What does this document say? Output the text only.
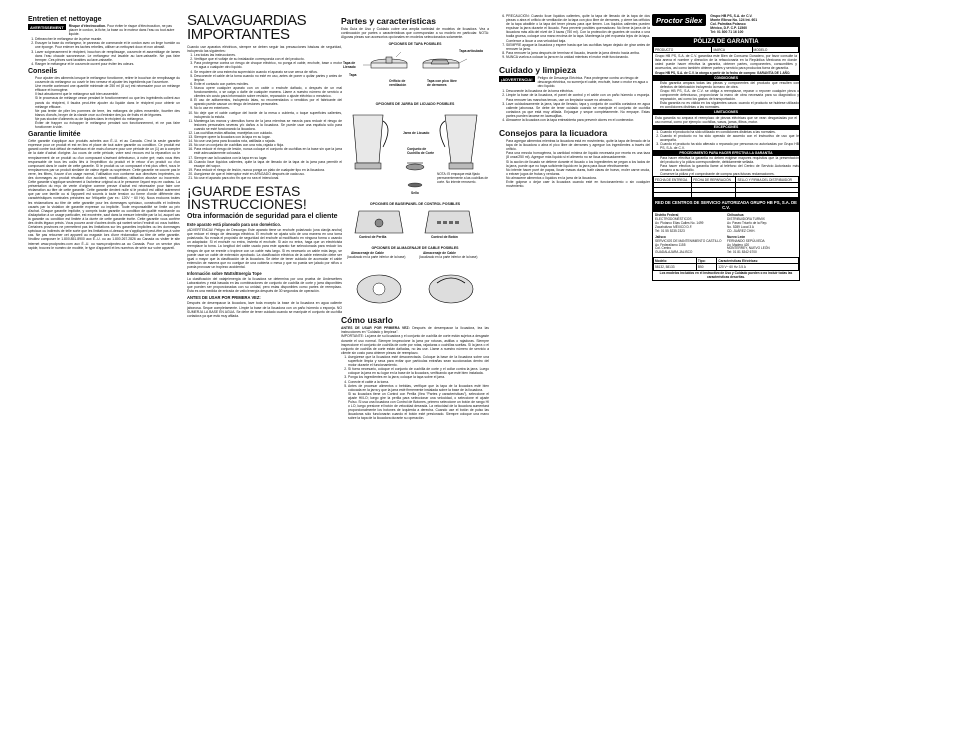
Entretien et nettoyage
AVERTISSEMENT	Risque d'électrocution. Pour éviter le risque d'électrocution, ne pas placer le cordon, la fiche, la base ou le moteur dans l'eau ou tout autre liquide.
1. Débrancher le mélangeur de la prise murale.
2. Essuyer la base du mélangeur, le panneau de commande et le cordon avec un linge humide ou une éponge. Pour enlever les taches rebelles, utiliser un nettoyant doux et non abrasif.
3. Laver soigneusement le récipient, bouchon de remplissage, couvercle et assemblage de lames dans l'eau chaude savonneuse. Le mélangeur est lavable au lave-vaisselle. Ne pas faire tremper. Ces pièces sont lavables au lave-vaisselle.
4. Ranger le mélangeur et le couvercle ouvert pour éviter les odeurs.
Conseils
• Pour ajouter des aliments lorsque le mélangeur fonctionne, retirer le bouchon de remplissage du couvercle du mélangeur ou ouvrir le bec verseur et ajouter les ingrédients par l'ouverture.
• Une recette contenant une quantité minimale de 250 ml (8 oz) est nécessaire pour un mélange efficace et homogène.
• Il faut absolument que le mélangeur soit bien assemblé.
• Si le processus de mélange cesse pendant le fonctionnement ou que les ingrédients collent aux parois du récipient, il faudra peut-être ajouter du liquide dans le récipient pour obtenir un mélange efficace.
• Ne pas tenter de piler les pommes de terre, les mélanges de pâtes ensemble, fouetter des blancs d'oeufs, broyer de la viande crue ou d'extraire des jus de fruits et de légumes.
• Ne pas stocker d'aliments ou de liquides dans le récipient du mélangeur.
• Éviter de frapper ou échapper le mélangeur pendant son fonctionnement, et ne pas faire fonctionner à vide.
Garantie limitée
Cette garantie s'applique aux produits achetés aux É.-U. et au Canada. C'est la seule garantie expresse pour ce produit et est en lieu et place de tout autre garantie ou condition. Ce produit est garanti contre tout défaut de matériaux et de main-d'oeuvre pour une période de un (1) an à compter de la date d'achat d'origine. Au cours de cette période, votre seul recours est la réparation ou le remplacement de ce produit ou d'un composant s'avérant défectueux, à notre gré; mais vous êtes responsable de tous les coûts liés à l'expédition du produit et le retour d'un produit ou d'un composant dans le cadre de cette garantie. Si le produit ou un composant n'est plus offert, nous le remplacerons par un produit similaire de valeur égale ou supérieure. Cette garantie ne couvre pas le verre, les filtres, l'usure d'un usage normal, l'utilisation non conforme aux directives imprimées, ou des dommages au produit résultant d'un accident, modification, utilisation abusive ou incorrecte. Cette garantie s'applique seulement à l'acheteur original ou à le personne l'ayant reçu en cadeau. La présentation du reçu de vente d'origine comme preuve d'achat est nécessaire pour faire une réclamation au titre de cette garantie. Cette garantie devient nulle si le produit est utilisé autrement que par une famille ou si l'appareil est soumis à toute tension ou forme d'onde différente des caractéristiques nominales précisées sur l'étiquette (par ex.: 120V ~ 60 Hz). Nous excluons toutes les réclamations au titre de cette garantie pour les dommages spéciaux, consécutifs et indirects causés par la violation de garantie expresse ou implicite. Toute responsabilité se limite au prix d'achat. Chaque garantie implicite, y compris toute garantie ou condition de qualité marchande ou d'adaptation à un usage particulier, est exonérée, sauf dans la mesure interdite par la loi, auquel cas la garantie ou condition est limitée à la durée de cette garantie écrite. Cette garantie vous confère des droits légaux précis. Vous pouvez avoir d'autres droits qui varient selon l'endroit où vous habitez. Certaines provinces ne permettent pas les limitations sur les garanties implicites ou les dommages spéciaux ou indirects de telle sorte que les limitations ci-dessus ne s'appliquent peut-être pas à votre cas. Ne pas retourner cet appareil au magasin lors d'une réclamation au titre de cette garantie. Veuillez composer le 1.800.851.8900 aux É.-U. ou au 1.800.267.2826 au Canada ou visiter le site internet www.prodprotec.com aux É.-U. ou www.prodprotec.ca au Canada. Pour un service plus rapide, trouvez le numéro de modèle, le type d'appareil et les numéros de série sur votre appareil.
SALVAGUARDIAS IMPORTANTES
Cuando use aparatos eléctricos, siempre se deben seguir las precauciones básicas de seguridad, incluyendo las siguientes:
1. Lea todas las instrucciones.
2. Verifique que el voltaje de su instalación corresponda con el del producto.
3. Para protegerse contra un riesgo de choque eléctrico, no ponga el cable, enchufe, base o motor en agua o cualquier otro líquido.
4. Se requiere de una estrecha supervisión cuando el aparato se use cerca de niños.
5. Desconecte el cable de la toma cuando no esté en uso, antes de poner o quitar partes y antes de limpiar.
6. Evite el contacto con partes móviles.
7. Nunca opere cualquier aparato con un cable o enchufe dañado, o después de un mal funcionamiento, o se caiga o dañe de cualquier manera. Llame a nuestro número de servicio a clientes sin costo para información sobre revisión, reparación o ajuste eléctrico o mecánico.
8. El uso de aditamentos, incluyendo latas, no recomendados o vendidos por el fabricante del aparato puede causar un riesgo de lesiones personales.
9. No lo use en exteriores.
10. No deje que el cable cuelgue del borde de la mesa o cubierta, o toque superficies calientes, incluyendo la estufa.
11. Mantenga las manos y utensilios fuera de la jarra mientras se mezcla para reducir el riesgo de lesiones personales severas y/o daños a la licuadora. Se puede usar una espátula sólo para cuando se esté funcionando la licuadora.
12. Las cuchillas están afiladas; manéjelas con cuidado.
13. Siempre opere la licuadora con la tapa en su lugar.
14. No use una jarra para licuados rota, astillada o rajada.
15. No use un conjunto de cuchillas con una rota, rajada o floja.
16. Para reducir el riesgo de lesión, nunca coloque el conjunto de cuchillas en la base sin que la jarra esté adecuadamente colocada.
17. Siempre use la licuadora con la tapa en su lugar.
18. Cuando licue líquidos calientes, quite la tapa de llenado de la tapa de la jarra para permitir el escape del vapor.
19. Para reducir el riesgo de lesión, nunca ponga un plato de cualquier tipo en la licuadora.
20. Asegúrese de que el interruptor esté en APAGADO después de cada uso.
21. No use el aparato para otro fin que no sea el intencional.
¡GUARDE ESTAS INSTRUCCIONES!
Otra información de seguridad para el cliente
Este aparato está planeado para uso doméstico.
¡ADVERTENCIA! Peligro de Descarga: Este aparato tiene un enchufe polarizado (una clavija ancha) que reduce el riesgo de descarga eléctrica. El enchufe se ajusta sólo de una manera en una toma polarizada. No evada el propósito de seguridad del enchufe al modificarlo en ninguna forma o usando un adaptador. Si el enchufe no entra, invierta el enchufe. Si aún no entra, haga que un electricista reemplace la toma. La longitud del cable usado para este aparato fue seleccionada para reducir los riesgos de que se enrede o tropiece con un cable más largo. Si es necesario un cable más largo, se puede usar un cable de extensión aprobado. La clasificación eléctrica de la cable extensión debe ser igual o mayor que la clasificación de la licuadora. Se debe de tener cuidado de acomodar el cable extensión de manera que no cuelgue de una cubierta o mesa y que no pueda ser jalado por niños o pueda provocar un tropiezo accidental.
Información sobre Watts/Energía Tope
La clasificación del vataje/energía de la licuadora se determina por una prueba de Underwriters Laboratories y está basada en las combinaciones de conjunto de cuchilla de corte y jarra disponibles que pueden ser proporcionadas con su unidad, pero estas disponibles como partes de reemplazo. Esta es una medida de entrada de vatio/energía después de 30 segundos de operación.
ANTES DE USAR POR PRIMERA VEZ:
Después de desempacar la licuadora, lave toda excepto la base de la licuadora en agua caliente jabonosa. Seque completamente. Limpie la base de la licuadora con un paño húmedo o esponja. NO SUMERJA LA BASE EN AGUA. Se debe de tener cuidado cuando se manipule el conjunto de cuchilla cortadora ya que está muy afilada.
Partes y características
Esta Guía de Uso y Cuidado cubre una amplia variedad de modelos de licuadora. Vea a continuación por partes o características que correspondan a su modelo en particular. NOTA: Algunas piezas son accesorios opcionales en modelos seleccionados solamente.
OPCIONES DE TAPA POSIBLES
Tapa de Llenado
Tapa articulada
Orificio de ventilación
Tapa con pico libre de derrames
Tapa
OPCIONES DE JARRA DE LICUADO POSIBLES
Jarra de Licuado
Conjunto de Cuchilla de Corte
Sello
NOTA: El empaque está fijado permanentemente a las cuchillas de corte. No intente removerlo.
OPCIONES DE BASE/PANEL DE CONTROL POSIBLES
Control de Perilla	Control de Botón
OPCIONES DE ALMACENAJE DE CABLE POSIBLES
Almacenaje de Cable
(localizado en la parte inferior de la base)
Almacenaje de Cable
(localizado en la parte inferior de la base)
Cómo usarlo
ANTES DE USAR POR PRIMERA VEZ: Después de desempacar la licuadora, lea las instrucciones en "Cuidado y limpieza".
IMPORTANTE: La jarra de su licuadora y el conjunto de cuchilla de corte están sujetos a desgaste durante el uso normal. Siempre inspeccione la jarra por roturas, astillas o rajaduras. Siempre inspeccione el conjunto de cuchilla de corte por rotas, rajaduras o cuchillas sueltas. Si la jarra o el conjunto de cuchilla de corte están dañadas, no las use. Llame a nuestro número de servicio a cliente sin costo para obtener piezas de reemplazo.
1. Asegúrese que la licuadora esté desconectada. Coloque la base de la licuadora sobre una superficie limpia y seca para evitar que partículas extrañas sean succionadas dentro del motor durante el funcionamiento.
2. Si fuera necesario, coloque el conjunto de cuchilla de corte y el collar contra la jarra. Luego coloque la jarra en su lugar en la base de la licuadora, verificando que esté bien instalada.
3. Ponga los ingredientes en la jarra; coloque la tapa sobre el jarra.
4. Conecte el cable a la toma.
5. Antes de procesar alimentos o bebidas, verifique que la tapa de la licuadora esté bien colocada en la jarra y que la jarra esté firmemente instalada sobre la base de la licuadora.
Si su licuadora tiene un Control con Perilla (Vea "Partes y características"), seleccione el ajuste HI/LO; luego gire la perilla para seleccionar una velocidad, o seleccione el ajuste Pulso. Si usa una licuadora con Control de Botones, primero seleccione un botón de rango HI o LO, luego presione el botón de velocidad deseada. La velocidad de la licuadora aumentará proporcionalmente los botones de izquierda a derecha. Cuando use el botón de pulso las licuadoras sólo funcionarán cuando el botón esté presionado. Siempre coloque una mano sobre la tapa de la licuadora durante su operación.
6. PRECAUCIÓN: Cuando licue líquidos calientes, quite la tapa de llenado de la tapa de dos piezas o abra el orificio de ventilación de la tapa con pico libre de derrames, y cierre las orificios de la tapa abatible o la tapa del tener piezas para que tienen. Los líquidos calientes pueden expulsar la jarra durante el licuado. Para prevenir posibles quemaduras: No llene la jarra de la licuadora más allá del nivel de 3 tazas (750 ml). Con la protección de guantes de cocina o una toalla gruesa, coloque una mano encima de la tapa. Mantenga la piel expuesta lejos de la tapa. Comience a licuar a una velocidad baja.
7. SIEMPRE apague la licuadora y espere hasta que las cuchillas hayan dejado de girar antes de remover la jarra.
8. Para remover la jarra después de terminar el licuado, levante la jarra directo hacia arriba.
9. NUNCA vuelva a colocar la jarra en la unidad mientras el motor esté funcionando.
Cuidado y limpieza
¡ADVERTENCIA!	Peligro de Descarga Eléctrica. Para protegerse contra un riesgo de descarga eléctrica, no sumerja el cable, enchufe, base o motor en agua u otro líquido.
1. Desconecte la licuadora de la toma eléctrica.
2. Limpie la base de la licuadora, el panel de control y el cable con un paño húmedo o esponja. Para remover las manchas tercas, use un limpiador suave no abrasivo.
3. Lave cuidadosamente la jarra, tapa de llenado, tapa y conjunto de cuchilla cortadora en agua caliente jabonosa. Se debe de tener cuidado cuando se manipule el conjunto de cuchilla cortadora ya que está muy afilada. Enjuague y seque completamente. No empape. Estas partes pueden lavarse en lavavajillas.
4. Almacene la licuadora con la tapa entreabierta para prevenir olores en el contenedor.
Consejos para la licuadora
• Para agregar alimentos mientras la licuadora está en movimiento, quite la tapa de llenado de la tapa de la licuadora o abra el pico libre de derrames y agregue los ingredientes a través del orificio.
• Para una mezcla homogénea, la cantidad mínima de líquido necesaria por receta es una taza (8 onza/250 ml). Agregue más líquido si el alimento no se licua adecuadamente.
• Si la acción de licuado se detiene durante el licuado o los ingredientes se pegan a los lados de la jarra, puede que no haya suficiente líquido en la jarra para licuar efectivamente.
• No intente hacer puré de papas, licuar masas duras, batir claras de huevo, moler carne cruda, o extraer jugos de frutas y verduras.
• No almacene alimentos o líquidos en la jarra de la licuadora.
• Evite golpear o dejar caer la licuadora cuando esté en funcionamiento o sin cualquier movimiento.
Proctor Silex	Grupo HB PS, S.A. de C.V.
Monte Elbruz No. 124 Int. 601
Col. Palmitas Polanco
México, D.F. C.P. 11560
Tel: 01 800 71 16 100
PÓLIZA DE GARANTIA
PRODUCTO	MARCA	MODELO
Grupo HB PS, S.A. de C.V. garantiza este Bien de Consumo Duradero, por favor consulte la lista anexa el nombre y dirección de la refaccionaria en la República Mexicana en donde usted puede hacer efectiva la garantía, obtener partes, componentes, consumibles y accesorios, así como también obtener partes y servicio para productos fuera de garantía.
Grupo HB PS, S.A. de C.V. la otorga a partir de la fecha de compra: GARANTÍA DE 1 AÑO.
CONDICIONES
• Esta garantía ampara todas las piezas y componentes del producto que resulten con defectos de fabricación incluyendo la mano de obra.
• Grupo HB PS, S.A. de C.V. se obliga a reemplazar, reparar o reponer cualquier pieza o componente defectuoso, proporcionar la mano de obra necesaria para su diagnóstico y reparación, así como los gastos de transportación.
• Esta garantía no es válida en los siguientes casos: cuando el producto se hubiese utilizado en condiciones distintas a las normales.
LIMITACIONES
Esta garantía no ampara el reemplazo de piezas eléctricas que se vean desgastadas por el uso normal, como por ejemplo: cuchillas, vasos, jarras, filtros, motor.
EXCEPCIONES
1. Cuando el producto ha sido utilizado en condiciones distintas a las normales.
2. Cuando el producto no ha sido operado de acuerdo con el instructivo de uso que le acompaña.
3. Cuando el producto ha sido alterado o reparado por personas no autorizadas por Grupo HB PS, S.A. de C.V.
PROCEDIMIENTO PARA HACER EFECTIVA LA GARANTÍA
• Para hacer efectiva la garantía no deben exigirse mayores requisitos que la presentación del producto y la póliza correspondiente, debidamente sellada.
• Para hacer efectiva la garantía llame al teléfono del Centro de Servicio Autorizado más cercano a su domicilio.
• Conserve la póliza y el comprobante de compra para futuras reclamaciones.
FECHA DE ENTREGA	FECHA DE REPARACIÓN	SELLO Y FIRMA DEL DISTRIBUIDOR

RED DE CENTROS DE SERVICIO AUTORIZADA GRUPO HB PS, S.A. DE C.V.
Distrito Federal
ELECTRODOMÉSTICOS
Av. Plutarco Elías Calles No. 1499
Zacahuitzco MÉXICO D.F.
Tel: 01 55 5235 2323
Chihuahua
DISTRIBUIDORA TURMIX
Av. Paseo Triunfo de la Rep.
No. 5289 Local 3 A
CD. JUÁREZ CHIH.
Jalisco
SERVICIOS DE MANTENIMIENTO CASTILLO
Av. Federalismo 1155
Col. Centro
GUADALAJARA JALISCO
Nuevo León
FERNANDO SEPÚLVEDA
Av. Madero 420
MONTERREY, NUEVO LEÓN
Tel: 01 81 8342 6700
Modelo:	Tipo:	Características Eléctricas:
58132, 58133	B50	120 V~ 60 Hz 3.5 A
Los modelos incluidos en el instructivo de Uso y Cuidado pueden o no incluir todas las características descritas.
